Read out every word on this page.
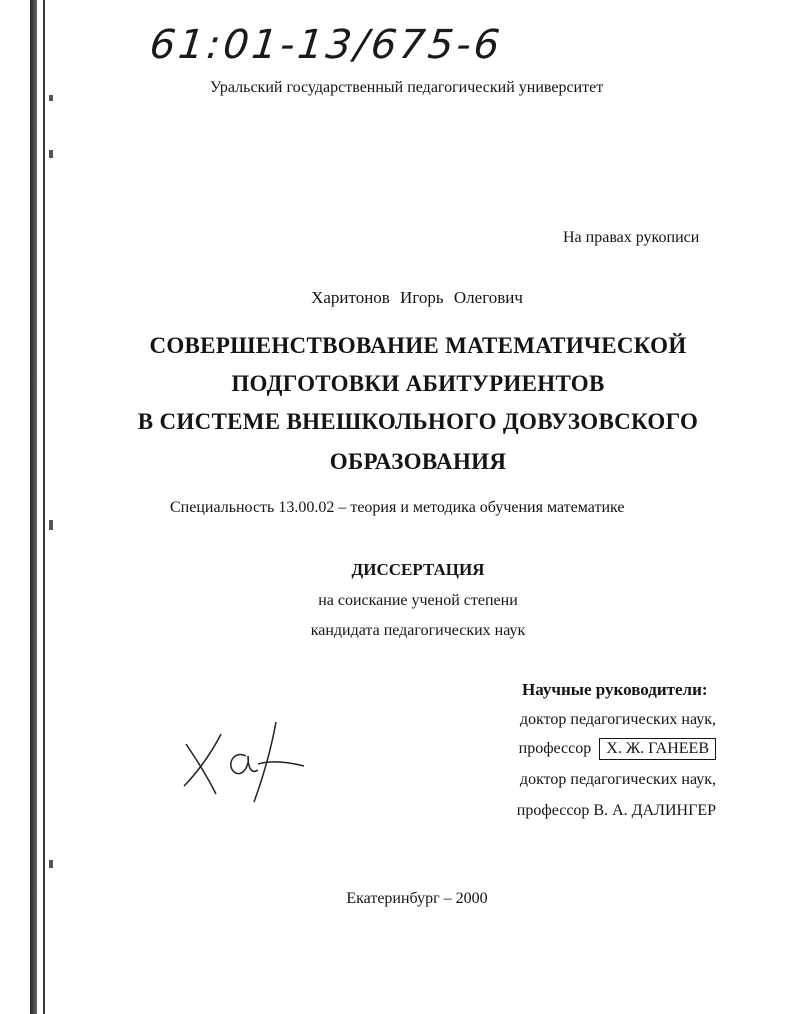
61:01-13/675-6
Уральский государственный педагогический университет
На правах рукописи
Харитонов Игорь Олегович
СОВЕРШЕНСТВОВАНИЕ МАТЕМАТИЧЕСКОЙ
ПОДГОТОВКИ АБИТУРИЕНТОВ
В СИСТЕМЕ ВНЕШКОЛЬНОГО ДОВУЗОВСКОГО
ОБРАЗОВАНИЯ
Специальность 13.00.02 – теория и методика обучения математике
ДИССЕРТАЦИЯ
на соискание ученой степени
кандидата педагогических наук
Научные руководители:
доктор педагогических наук,
профессор Х. Ж. ГАНЕЕВ
доктор педагогических наук,
профессор В. А. ДАЛИНГЕР
Екатеринбург – 2000
